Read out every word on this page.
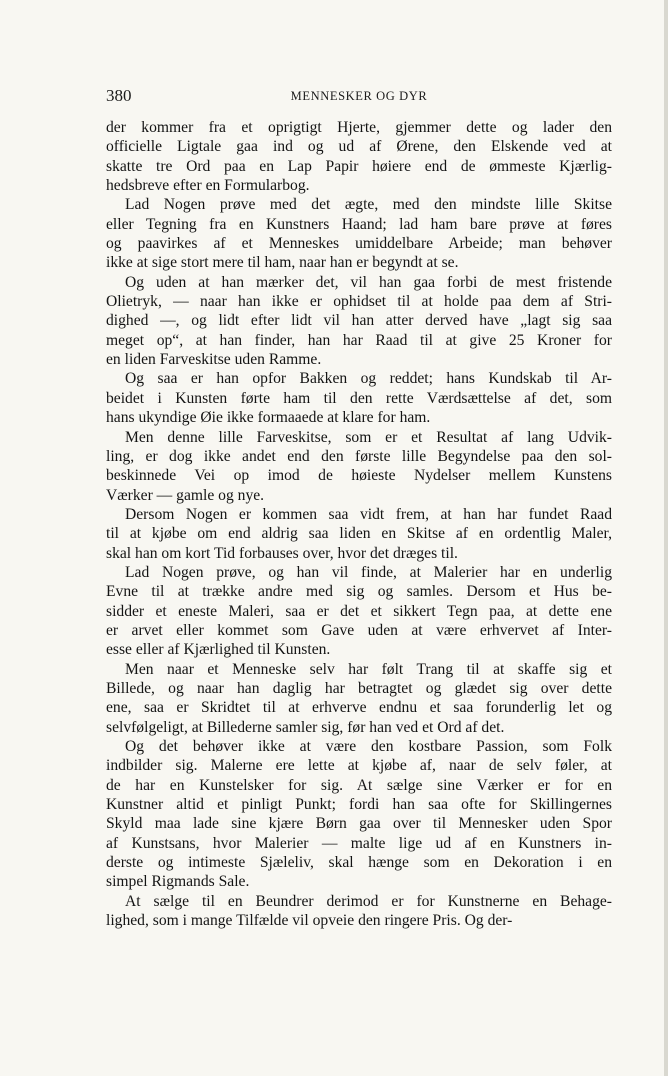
380	MENNESKER OG DYR
der kommer fra et oprigtigt Hjerte, gjemmer dette og lader den
officielle Ligtale gaa ind og ud af Ørene, den Elskende ved at
skatte tre Ord paa en Lap Papir høiere end de ømmeste Kjærlig-
hedsbreve efter en Formularbog.
Lad Nogen prøve med det ægte, med den mindste lille Skitse
eller Tegning fra en Kunstners Haand; lad ham bare prøve at føres
og paavirkes af et Menneskes umiddelbare Arbeide; man behøver
ikke at sige stort mere til ham, naar han er begyndt at se.
Og uden at han mærker det, vil han gaa forbi de mest fristende
Olietryk, — naar han ikke er ophidset til at holde paa dem af Stri-
dighed —, og lidt efter lidt vil han atter derved have „lagt sig saa
meget op“, at han finder, han har Raad til at give 25 Kroner for
en liden Farveskitse uden Ramme.
Og saa er han opfor Bakken og reddet; hans Kundskab til Ar-
beidet i Kunsten førte ham til den rette Værdsættelse af det, som
hans ukyndige Øie ikke formaaede at klare for ham.
Men denne lille Farveskitse, som er et Resultat af lang Udvik-
ling, er dog ikke andet end den første lille Begyndelse paa den sol-
beskinnede Vei op imod de høieste Nydelser mellem Kunstens
Værker — gamle og nye.
Dersom Nogen er kommen saa vidt frem, at han har fundet Raad
til at kjøbe om end aldrig saa liden en Skitse af en ordentlig Maler,
skal han om kort Tid forbauses over, hvor det dræges til.
Lad Nogen prøve, og han vil finde, at Malerier har en underlig
Evne til at trække andre med sig og samles. Dersom et Hus be-
sidder et eneste Maleri, saa er det et sikkert Tegn paa, at dette ene
er arvet eller kommet som Gave uden at være erhvervet af Inter-
esse eller af Kjærlighed til Kunsten.
Men naar et Menneske selv har følt Trang til at skaffe sig et
Billede, og naar han daglig har betragtet og glædet sig over dette
ene, saa er Skridtet til at erhverve endnu et saa forunderlig let og
selvfølgeligt, at Billederne samler sig, før han ved et Ord af det.
Og det behøver ikke at være den kostbare Passion, som Folk
indbilder sig. Malerne ere lette at kjøbe af, naar de selv føler, at
de har en Kunstelsker for sig. At sælge sine Værker er for en
Kunstner altid et pinligt Punkt; fordi han saa ofte for Skillingernes
Skyld maa lade sine kjære Børn gaa over til Mennesker uden Spor
af Kunstsans, hvor Malerier — malte lige ud af en Kunstners in-
derste og intimeste Sjæleliv, skal hænge som en Dekoration i en
simpel Rigmands Sale.
At sælge til en Beundrer derimod er for Kunstnerne en Behage-
lighed, som i mange Tilfælde vil opveie den ringere Pris. Og der-
